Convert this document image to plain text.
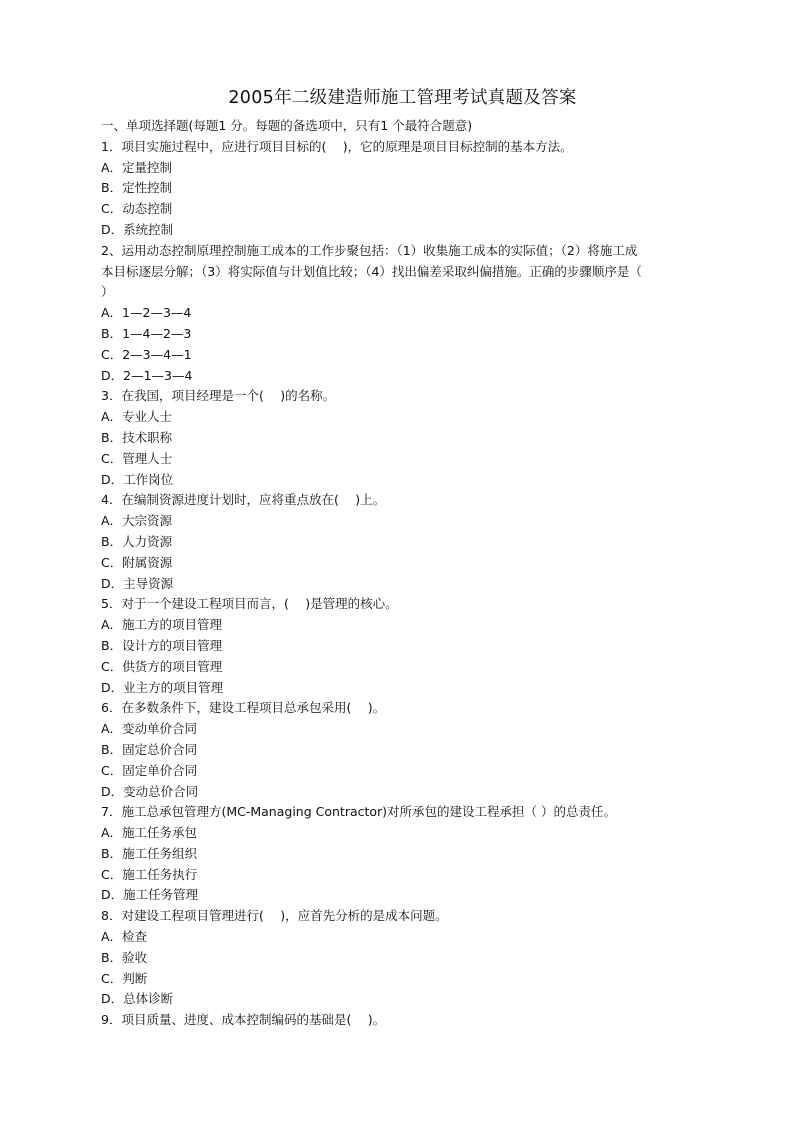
2005年二级建造师施工管理考试真题及答案
一、单项选择题(每题1 分。每题的备选项中，只有1 个最符合题意)
1．项目实施过程中，应进行项目目标的(　 )，它的原理是项目目标控制的基本方法。
A．定量控制
B．定性控制
C．动态控制
D．系统控制
2、运用动态控制原理控制施工成本的工作步聚包括：（1）收集施工成本的实际值；（2）将施工成
本目标逐层分解；（3）将实际值与计划值比较；（4）找出偏差采取纠偏措施。正确的步骤顺序是（
）
A．1—2—3—4
B．1—4—2—3
C．2—3—4—1
D．2—1—3—4
3．在我国，项目经理是一个(　 )的名称。
A．专业人士
B．技术职称
C．管理人士
D．工作岗位
4．在编制资源进度计划时，应将重点放在(　 )上。
A．大宗资源
B．人力资源
C．附属资源
D．主导资源
5．对于一个建设工程项目而言，(　 )是管理的核心。
A．施工方的项目管理
B．设计方的项目管理
C．供货方的项目管理
D．业主方的项目管理
6．在多数条件下，建设工程项目总承包采用(　 )。
A．变动单价合同
B．固定总价合同
C．固定单价合同
D．变动总价合同
7．施工总承包管理方(MC-Managing Contractor)对所承包的建设工程承担（ ）的总责任。
A．施工任务承包
B．施工任务组织
C．施工任务执行
D．施工任务管理
8．对建设工程项目管理进行(　 )，应首先分析的是成本问题。
A．检查
B．验收
C．判断
D．总体诊断
9．项目质量、进度、成本控制编码的基础是(　 )。
